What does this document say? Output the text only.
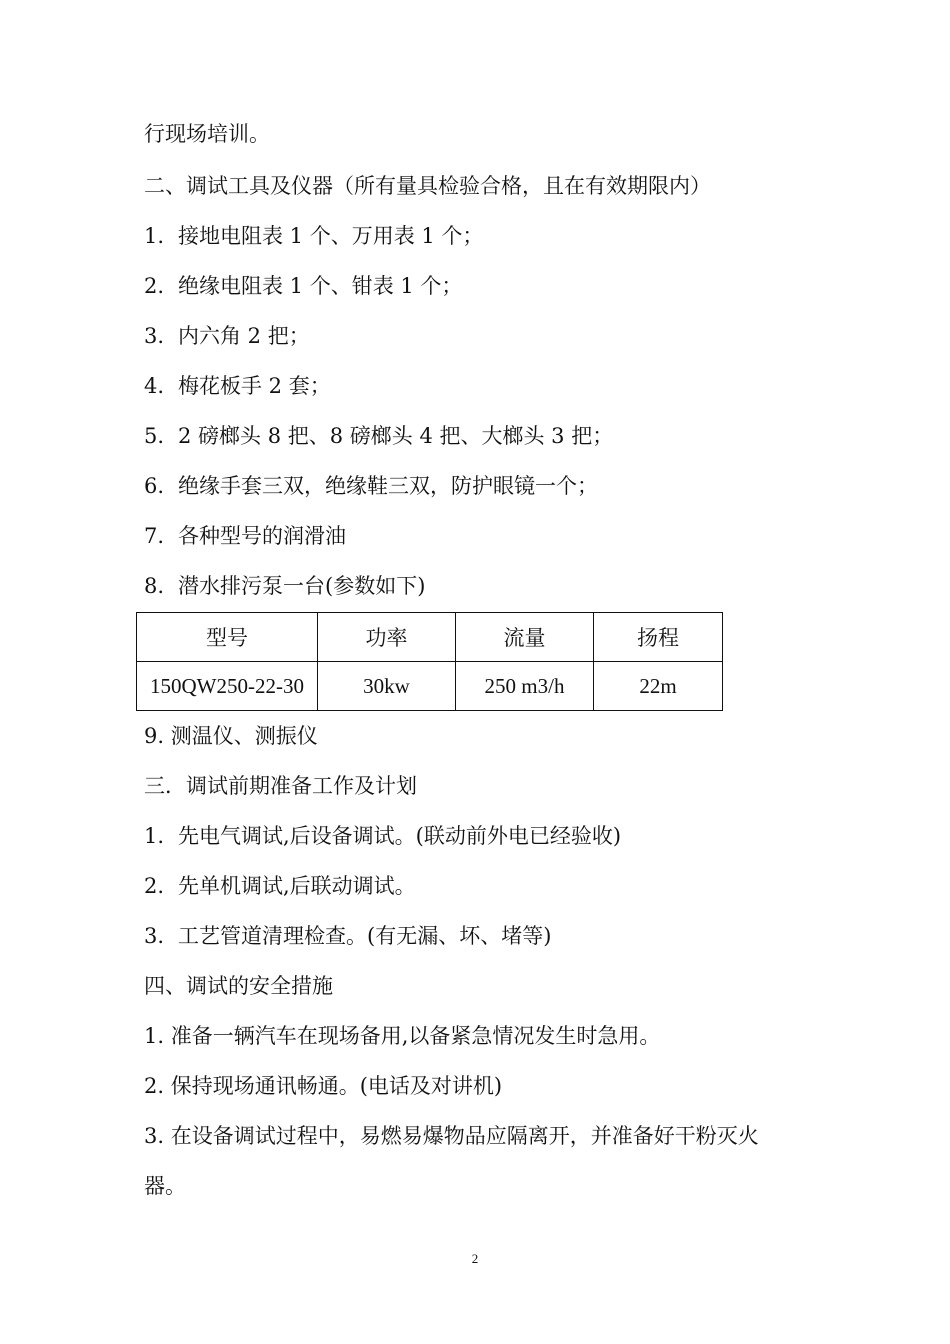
行现场培训。
二、调试工具及仪器（所有量具检验合格，且在有效期限内）
1. 接地电阻表 1 个、万用表 1 个；
2. 绝缘电阻表 1 个、钳表 1 个；
3. 内六角 2 把；
4. 梅花板手 2 套；
5. 2 磅榔头 8 把、8 磅榔头 4 把、大榔头 3 把；
6. 绝缘手套三双，绝缘鞋三双，防护眼镜一个；
7. 各种型号的润滑油
8. 潜水排污泵一台(参数如下)
型号	功率	流量	扬程
150QW250-22-30	30kw	250 m3/h	22m
9. 测温仪、测振仪
三．调试前期准备工作及计划
1. 先电气调试,后设备调试。(联动前外电已经验收)
2. 先单机调试,后联动调试。
3. 工艺管道清理检查。(有无漏、坏、堵等)
四、调试的安全措施
1. 准备一辆汽车在现场备用,以备紧急情况发生时急用。
2. 保持现场通讯畅通。(电话及对讲机)
3. 在设备调试过程中，易燃易爆物品应隔离开，并准备好干粉灭火
器。
2
